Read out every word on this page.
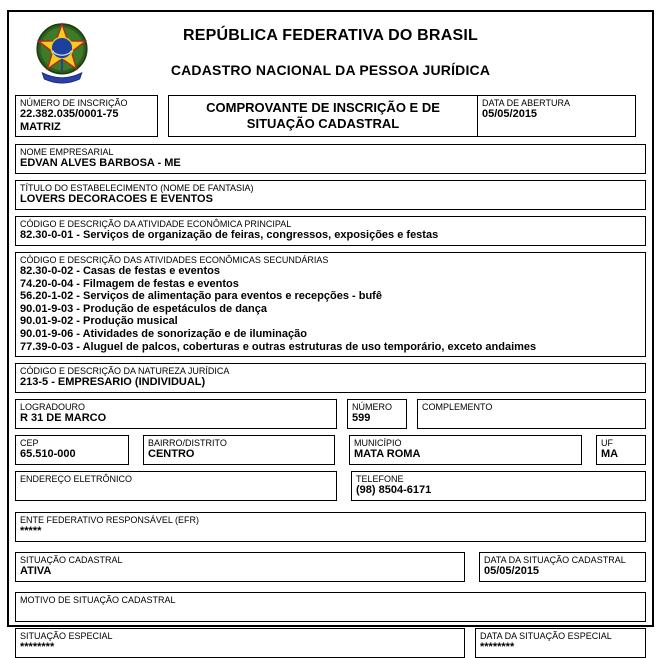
REPÚBLICA FEDERATIVA DO BRASIL
CADASTRO NACIONAL DA PESSOA JURÍDICA
NÚMERO DE INSCRIÇÃO
22.382.035/0001-75
MATRIZ
COMPROVANTE DE INSCRIÇÃO E DE SITUAÇÃO CADASTRAL
DATA DE ABERTURA
05/05/2015
NOME EMPRESARIAL
EDVAN ALVES BARBOSA - ME
TÍTULO DO ESTABELECIMENTO (NOME DE FANTASIA)
LOVERS DECORACOES E EVENTOS
CÓDIGO E DESCRIÇÃO DA ATIVIDADE ECONÔMICA PRINCIPAL
82.30-0-01 - Serviços de organização de feiras, congressos, exposições e festas
CÓDIGO E DESCRIÇÃO DAS ATIVIDADES ECONÔMICAS SECUNDÁRIAS
82.30-0-02 - Casas de festas e eventos
74.20-0-04 - Filmagem de festas e eventos
56.20-1-02 - Serviços de alimentação para eventos e recepções - bufê
90.01-9-03 - Produção de espetáculos de dança
90.01-9-02 - Produção musical
90.01-9-06 - Atividades de sonorização e de iluminação
77.39-0-03 - Aluguel de palcos, coberturas e outras estruturas de uso temporário, exceto andaimes
CÓDIGO E DESCRIÇÃO DA NATUREZA JURÍDICA
213-5 - EMPRESARIO (INDIVIDUAL)
LOGRADOURO
R 31 DE MARCO
NÚMERO
599
COMPLEMENTO
CEP
65.510-000
BAIRRO/DISTRITO
CENTRO
MUNICÍPIO
MATA ROMA
UF
MA
ENDEREÇO ELETRÔNICO	TELEFONE
(98) 8504-6171
ENTE FEDERATIVO RESPONSÁVEL (EFR)
*****
SITUAÇÃO CADASTRAL
ATIVA
DATA DA SITUAÇÃO CADASTRAL
05/05/2015
MOTIVO DE SITUAÇÃO CADASTRAL
SITUAÇÃO ESPECIAL
********
DATA DA SITUAÇÃO ESPECIAL
********
